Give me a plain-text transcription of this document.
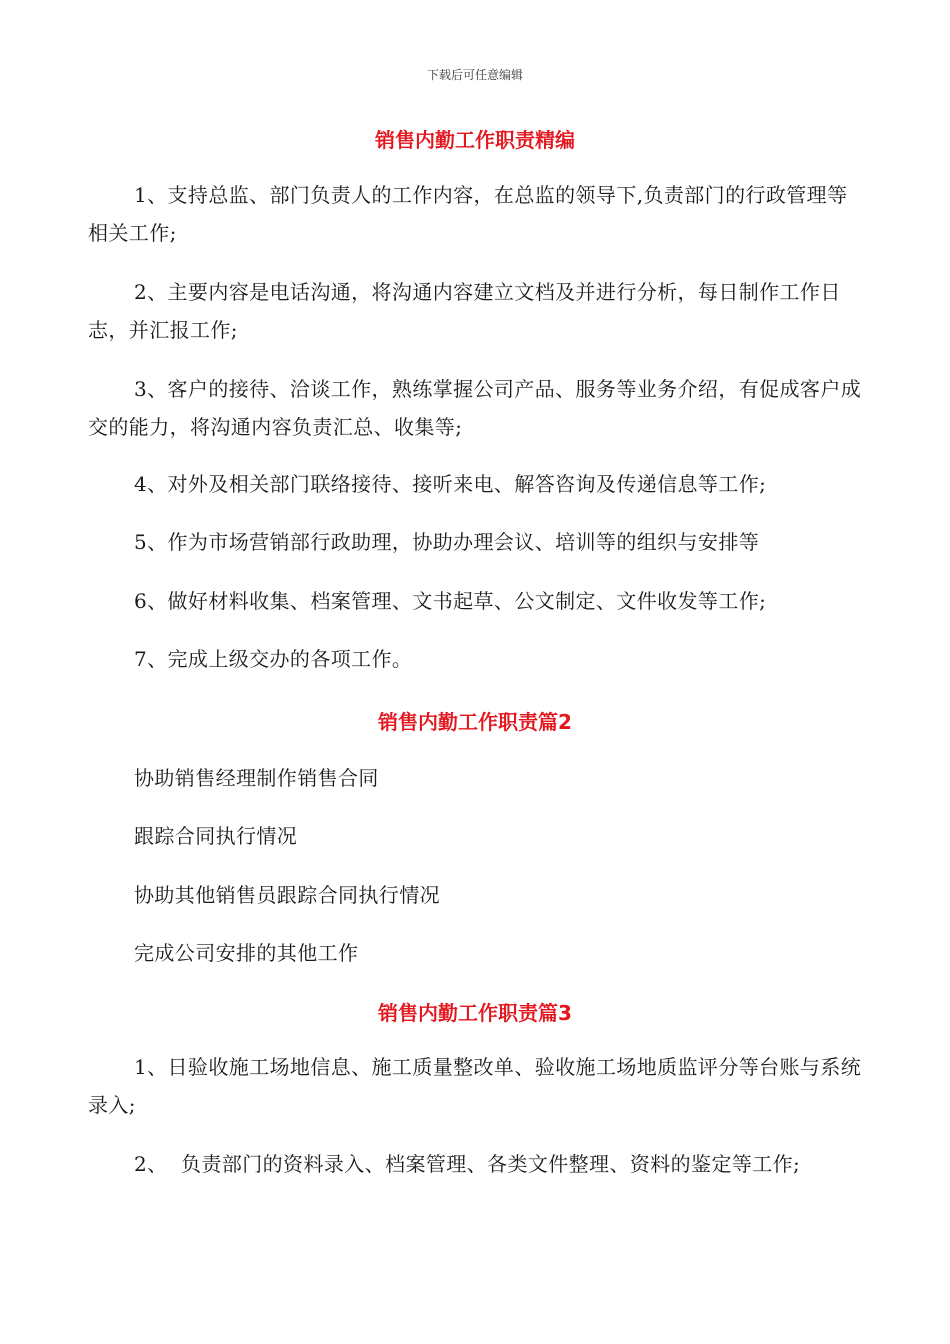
下载后可任意编辑
销售内勤工作职责精编
1、支持总监、部门负责人的工作内容，在总监的领导下,负责部门的行政管理等相关工作;
2、主要内容是电话沟通，将沟通内容建立文档及并进行分析，每日制作工作日志，并汇报工作;
3、客户的接待、洽谈工作，熟练掌握公司产品、服务等业务介绍，有促成客户成交的能力，将沟通内容负责汇总、收集等;
4、对外及相关部门联络接待、接听来电、解答咨询及传递信息等工作;
5、作为市场营销部行政助理，协助办理会议、培训等的组织与安排等
6、做好材料收集、档案管理、文书起草、公文制定、文件收发等工作;
7、完成上级交办的各项工作。
销售内勤工作职责篇2
协助销售经理制作销售合同
跟踪合同执行情况
协助其他销售员跟踪合同执行情况
完成公司安排的其他工作
销售内勤工作职责篇3
1、日验收施工场地信息、施工质量整改单、验收施工场地质监评分等台账与系统录入;
2、  负责部门的资料录入、档案管理、各类文件整理、资料的鉴定等工作;
